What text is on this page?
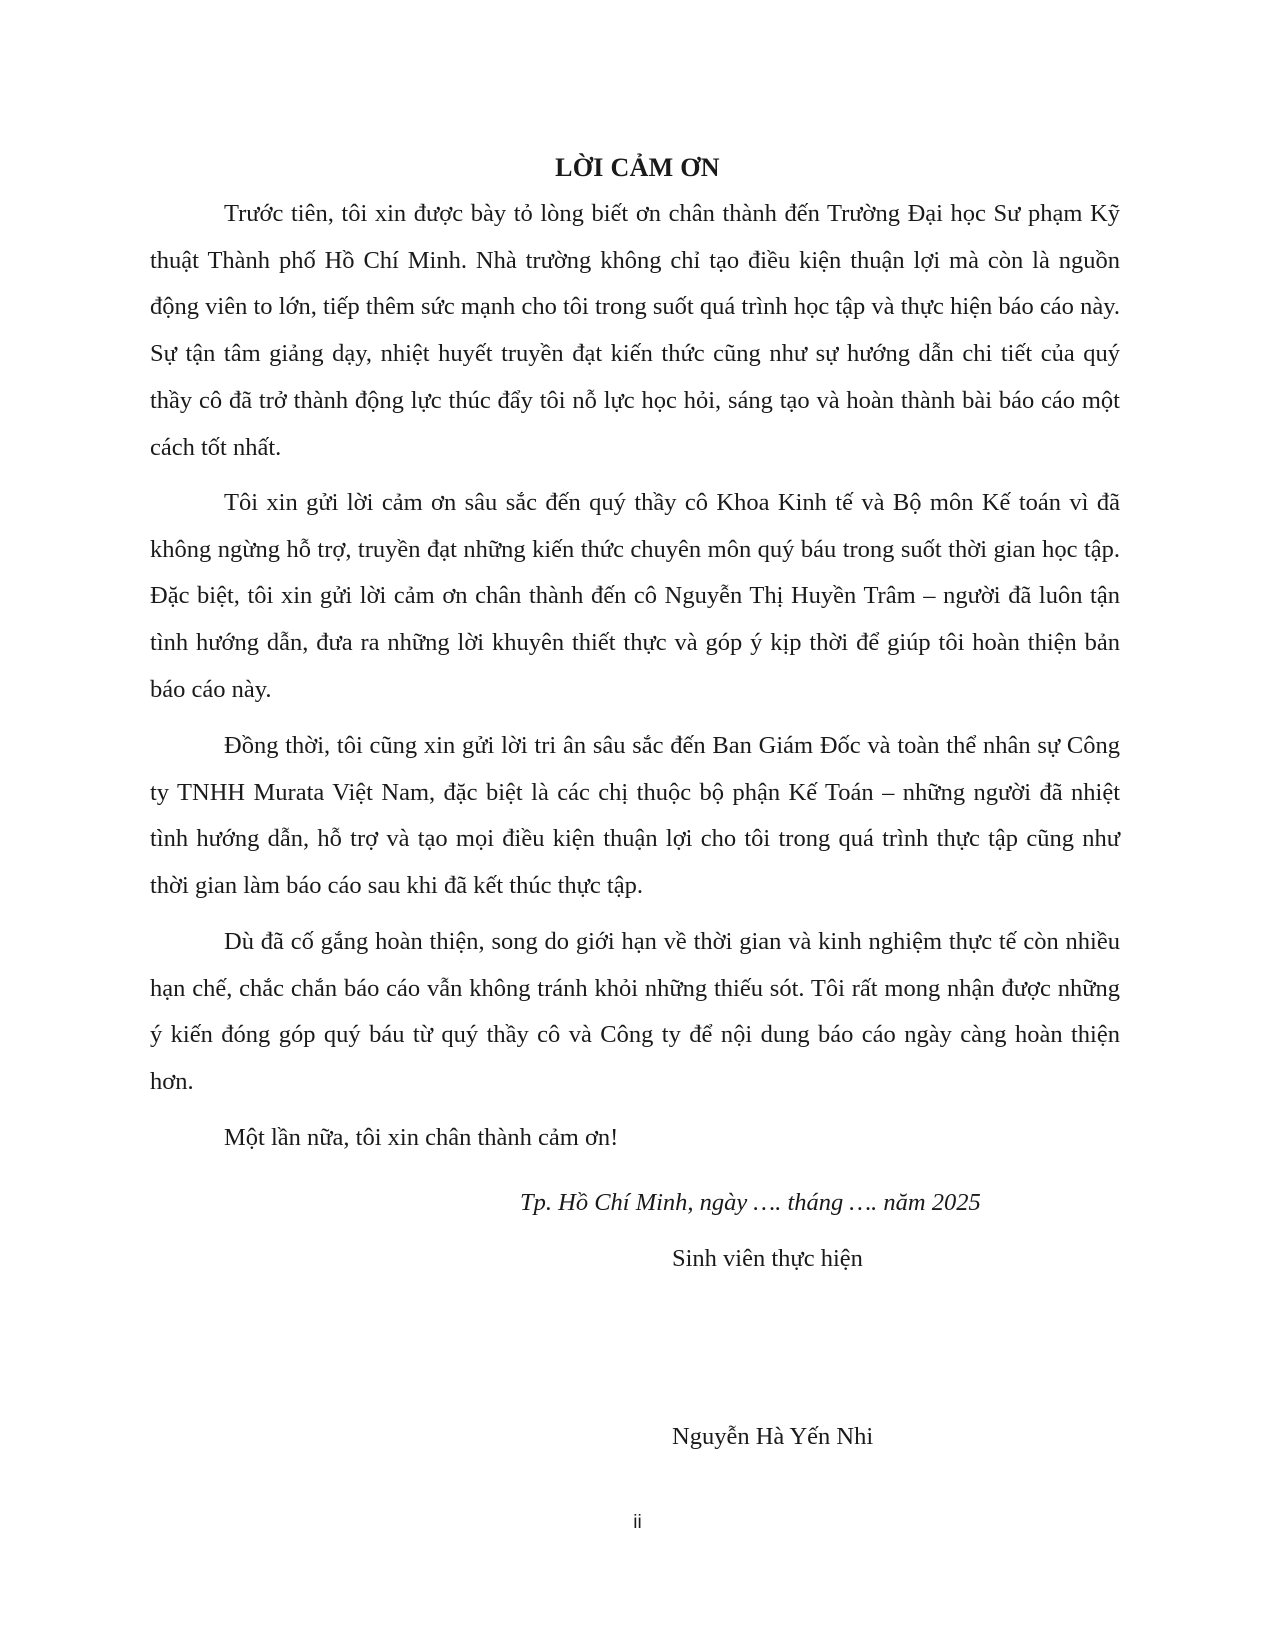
LỜI CẢM ƠN

Trước tiên, tôi xin được bày tỏ lòng biết ơn chân thành đến Trường Đại học Sư phạm Kỹ thuật Thành phố Hồ Chí Minh. Nhà trường không chỉ tạo điều kiện thuận lợi mà còn là nguồn động viên to lớn, tiếp thêm sức mạnh cho tôi trong suốt quá trình học tập và thực hiện báo cáo này. Sự tận tâm giảng dạy, nhiệt huyết truyền đạt kiến thức cũng như sự hướng dẫn chi tiết của quý thầy cô đã trở thành động lực thúc đẩy tôi nỗ lực học hỏi, sáng tạo và hoàn thành bài báo cáo một cách tốt nhất.

Tôi xin gửi lời cảm ơn sâu sắc đến quý thầy cô Khoa Kinh tế và Bộ môn Kế toán vì đã không ngừng hỗ trợ, truyền đạt những kiến thức chuyên môn quý báu trong suốt thời gian học tập. Đặc biệt, tôi xin gửi lời cảm ơn chân thành đến cô Nguyễn Thị Huyền Trâm – người đã luôn tận tình hướng dẫn, đưa ra những lời khuyên thiết thực và góp ý kịp thời để giúp tôi hoàn thiện bản báo cáo này.

Đồng thời, tôi cũng xin gửi lời tri ân sâu sắc đến Ban Giám Đốc và toàn thể nhân sự Công ty TNHH Murata Việt Nam, đặc biệt là các chị thuộc bộ phận Kế Toán – những người đã nhiệt tình hướng dẫn, hỗ trợ và tạo mọi điều kiện thuận lợi cho tôi trong quá trình thực tập cũng như thời gian làm báo cáo sau khi đã kết thúc thực tập.

Dù đã cố gắng hoàn thiện, song do giới hạn về thời gian và kinh nghiệm thực tế còn nhiều hạn chế, chắc chắn báo cáo vẫn không tránh khỏi những thiếu sót. Tôi rất mong nhận được những ý kiến đóng góp quý báu từ quý thầy cô và Công ty để nội dung báo cáo ngày càng hoàn thiện hơn.

Một lần nữa, tôi xin chân thành cảm ơn!

Tp. Hồ Chí Minh, ngày …. tháng …. năm 2025
Sinh viên thực hiện
Nguyễn Hà Yến Nhi
ii
